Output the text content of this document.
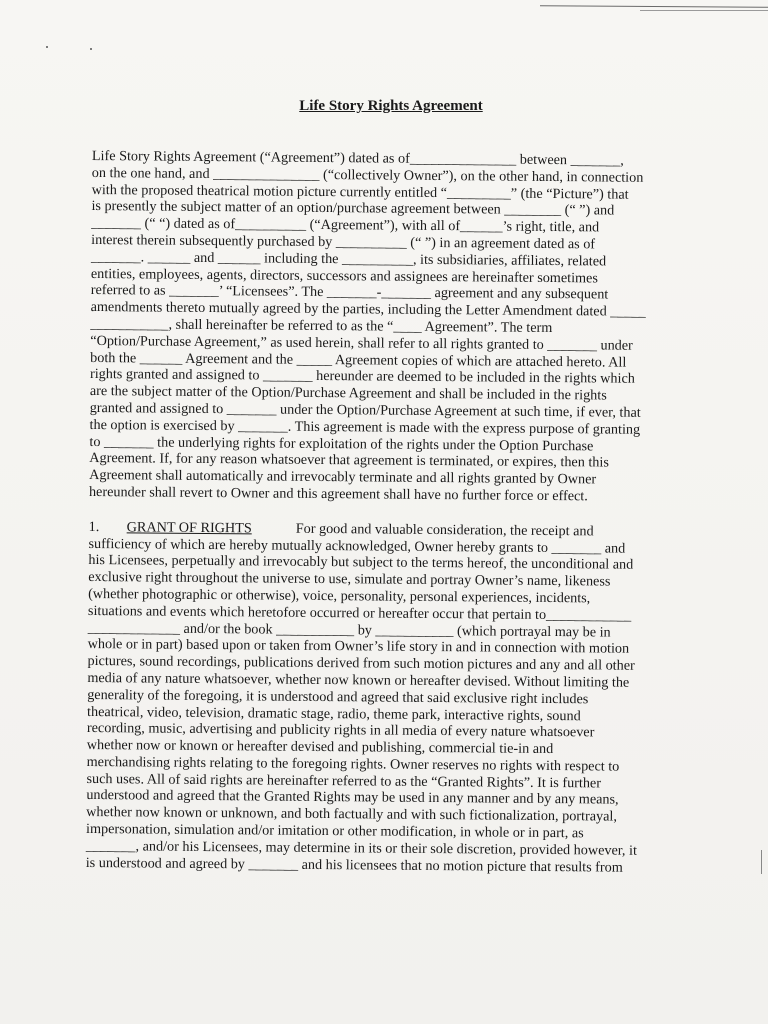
Life Story Rights Agreement
Life Story Rights Agreement (“Agreement”) dated as of_______________ between _______,
on the one hand, and _______________ (“collectively Owner”), on the other hand, in connection
with the proposed theatrical motion picture currently entitled “_________” (the “Picture”) that
is presently the subject matter of an option/purchase agreement between ________ (“ ”) and
_______ (“ “) dated as of__________ (“Agreement”), with all of______’s right, title, and
interest therein subsequently purchased by __________ (“ ”) in an agreement dated as of
_______. ______ and ______ including the __________, its subsidiaries, affiliates, related
entities, employees, agents, directors, successors and assignees are hereinafter sometimes
referred to as _______’ “Licensees”. The _______-_______ agreement and any subsequent
amendments thereto mutually agreed by the parties, including the Letter Amendment dated _____
___________, shall hereinafter be referred to as the “____ Agreement”. The term
“Option/Purchase Agreement,” as used herein, shall refer to all rights granted to _______ under
both the ______ Agreement and the _____ Agreement copies of which are attached hereto. All
rights granted and assigned to _______ hereunder are deemed to be included in the rights which
are the subject matter of the Option/Purchase Agreement and shall be included in the rights
granted and assigned to _______ under the Option/Purchase Agreement at such time, if ever, that
the option is exercised by _______. This agreement is made with the express purpose of granting
to _______ the underlying rights for exploitation of the rights under the Option Purchase
Agreement. If, for any reason whatsoever that agreement is terminated, or expires, then this
Agreement shall automatically and irrevocably terminate and all rights granted by Owner
hereunder shall revert to Owner and this agreement shall have no further force or effect.
1. GRANT OF RIGHTS	For good and valuable consideration, the receipt and
sufficiency of which are hereby mutually acknowledged, Owner hereby grants to _______ and
his Licensees, perpetually and irrevocably but subject to the terms hereof, the unconditional and
exclusive right throughout the universe to use, simulate and portray Owner’s name, likeness
(whether photographic or otherwise), voice, personality, personal experiences, incidents,
situations and events which heretofore occurred or hereafter occur that pertain to____________
_____________ and/or the book ___________ by ___________ (which portrayal may be in
whole or in part) based upon or taken from Owner’s life story in and in connection with motion
pictures, sound recordings, publications derived from such motion pictures and any and all other
media of any nature whatsoever, whether now known or hereafter devised. Without limiting the
generality of the foregoing, it is understood and agreed that said exclusive right includes
theatrical, video, television, dramatic stage, radio, theme park, interactive rights, sound
recording, music, advertising and publicity rights in all media of every nature whatsoever
whether now or known or hereafter devised and publishing, commercial tie-in and
merchandising rights relating to the foregoing rights. Owner reserves no rights with respect to
such uses. All of said rights are hereinafter referred to as the “Granted Rights”. It is further
understood and agreed that the Granted Rights may be used in any manner and by any means,
whether now known or unknown, and both factually and with such fictionalization, portrayal,
impersonation, simulation and/or imitation or other modification, in whole or in part, as
_______, and/or his Licensees, may determine in its or their sole discretion, provided however, it
is understood and agreed by _______ and his licensees that no motion picture that results from
